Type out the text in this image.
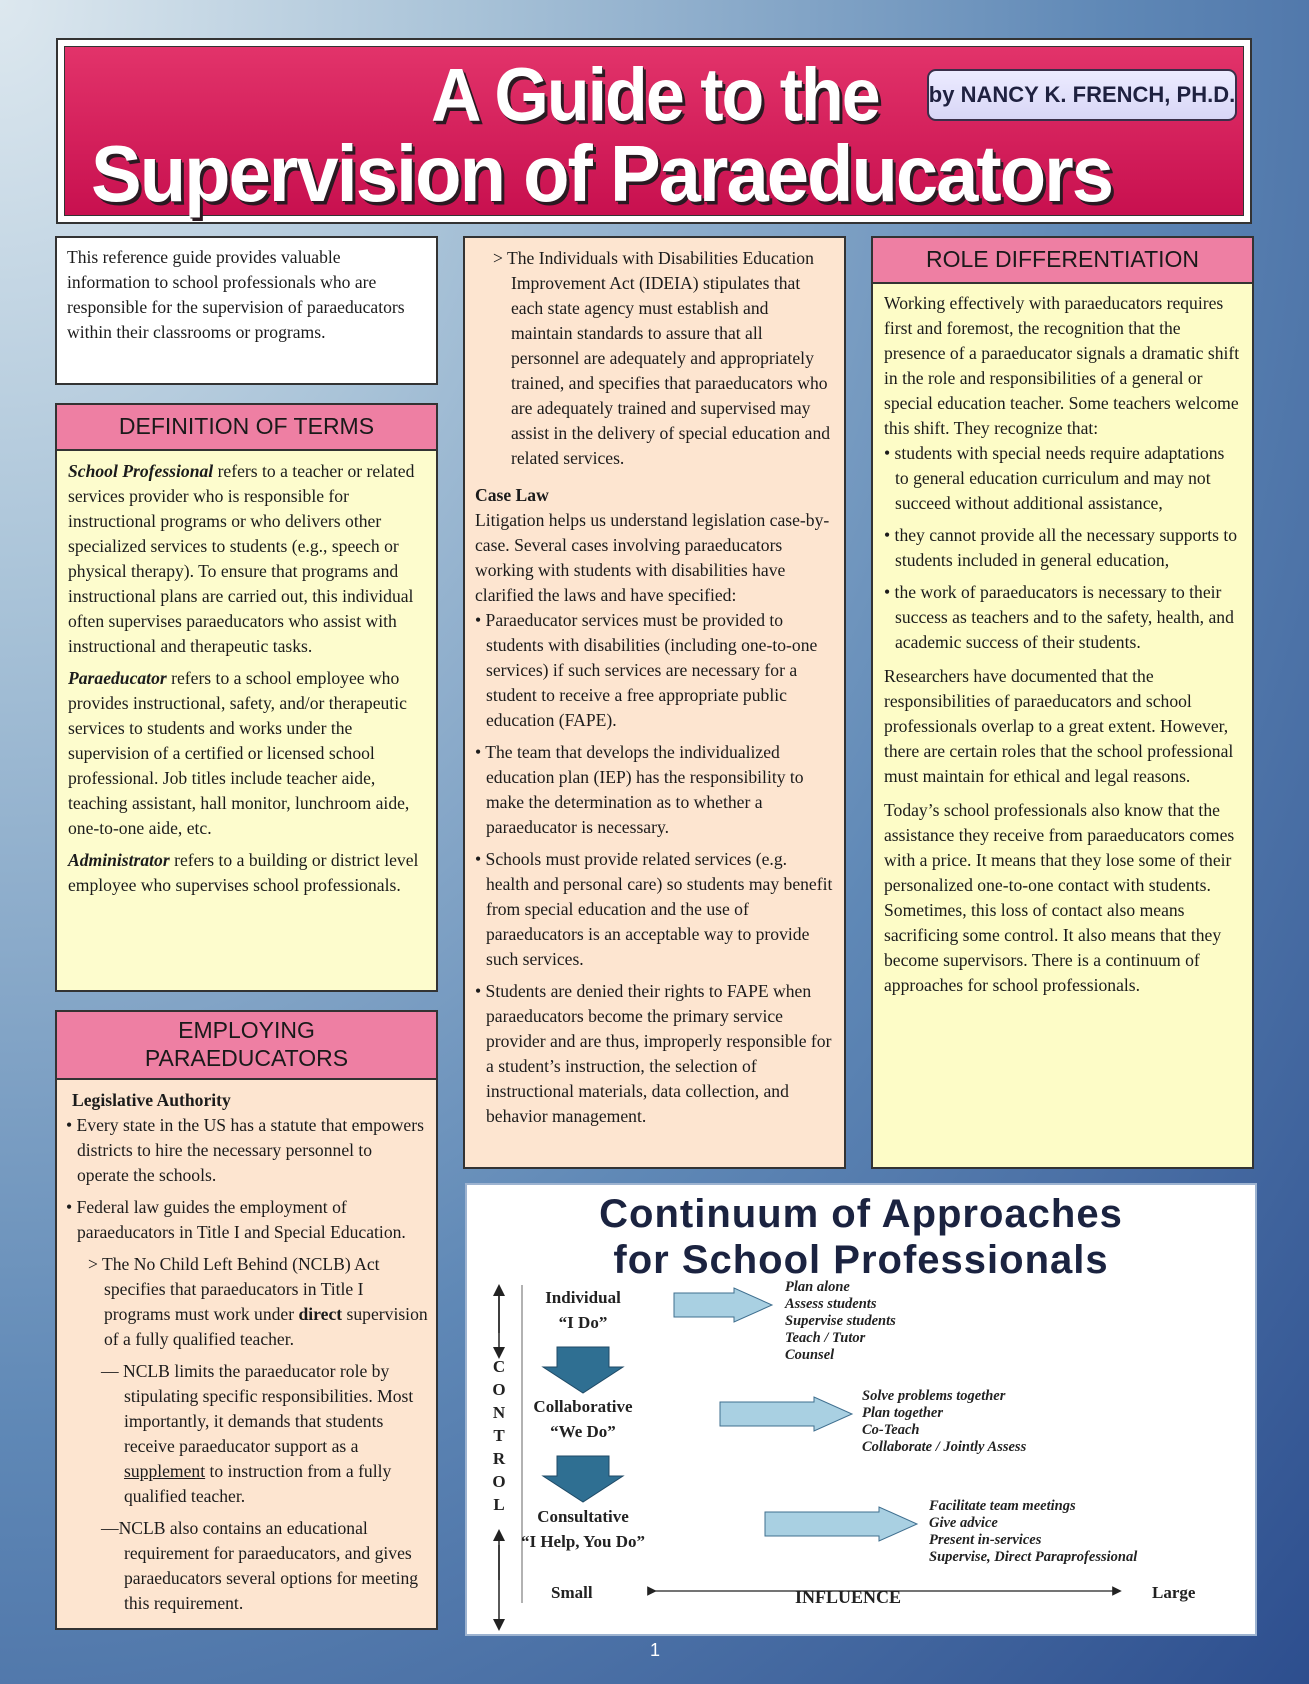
A Guide to the
Supervision of Paraeducators
by NANCY K. FRENCH, PH.D.

This reference guide provides valuable information to school professionals who are responsible for the supervision of paraeducators within their classrooms or programs.

DEFINITION OF TERMS

School Professional refers to a teacher or related services provider who is responsible for instructional programs or who delivers other specialized services to students (e.g., speech or physical therapy). To ensure that programs and instructional plans are carried out, this individual often supervises paraeducators who assist with instructional and therapeutic tasks.

Paraeducator refers to a school employee who provides instructional, safety, and/or therapeutic services to students and works under the supervision of a certified or licensed school professional. Job titles include teacher aide, teaching assistant, hall monitor, lunchroom aide, one-to-one aide, etc.

Administrator refers to a building or district level employee who supervises school professionals.

EMPLOYING PARAEDUCATORS

Legislative Authority

• Every state in the US has a statute that empowers districts to hire the necessary personnel to operate the schools.

• Federal law guides the employment of paraeducators in Title I and Special Education.

> The No Child Left Behind (NCLB) Act specifies that paraeducators in Title I programs must work under direct supervision of a fully qualified teacher.

— NCLB limits the paraeducator role by stipulating specific responsibilities. Most importantly, it demands that students receive paraeducator support as a supplement to instruction from a fully qualified teacher.

—NCLB also contains an educational requirement for paraeducators, and gives paraeducators several options for meeting this requirement.

> The Individuals with Disabilities Education Improvement Act (IDEIA) stipulates that each state agency must establish and maintain standards to assure that all personnel are adequately and appropriately trained, and specifies that paraeducators who are adequately trained and supervised may assist in the delivery of special education and related services.

Case Law

Litigation helps us understand legislation case-by-case. Several cases involving paraeducators working with students with disabilities have clarified the laws and have specified:

• Paraeducator services must be provided to students with disabilities (including one-to-one services) if such services are necessary for a student to receive a free appropriate public education (FAPE).

• The team that develops the individualized education plan (IEP) has the responsibility to make the determination as to whether a paraeducator is necessary.

• Schools must provide related services (e.g. health and personal care) so students may benefit from special education and the use of paraeducators is an acceptable way to provide such services.

• Students are denied their rights to FAPE when paraeducators become the primary service provider and are thus, improperly responsible for a student’s instruction, the selection of instructional materials, data collection, and behavior management.

ROLE DIFFERENTIATION

Working effectively with paraeducators requires first and foremost, the recognition that the presence of a paraeducator signals a dramatic shift in the role and responsibilities of a general or special education teacher. Some teachers welcome this shift. They recognize that:

• students with special needs require adaptations to general education curriculum and may not succeed without additional assistance,

• they cannot provide all the necessary supports to students included in general education,

• the work of paraeducators is necessary to their success as teachers and to the safety, health, and academic success of their students.

Researchers have documented that the responsibilities of paraeducators and school professionals overlap to a great extent. However, there are certain roles that the school professional must maintain for ethical and legal reasons.

Today’s school professionals also know that the assistance they receive from paraeducators comes with a price. It means that they lose some of their personalized one-to-one contact with students. Sometimes, this loss of contact also means sacrificing some control. It also means that they become supervisors. There is a continuum of approaches for school professionals.

Continuum of Approaches
for School Professionals
C
O
N
T
R
O
L
Small	INFLUENCE	Large
Individual
“I Do”
Plan alone
Assess students
Supervise students
Teach / Tutor
Counsel
Collaborative
“We Do”
Solve problems together
Plan together
Co-Teach
Collaborate / Jointly Assess
Consultative
“I Help, You Do”
Facilitate team meetings
Give advice
Present in-services
Supervise, Direct Paraprofessional
1
